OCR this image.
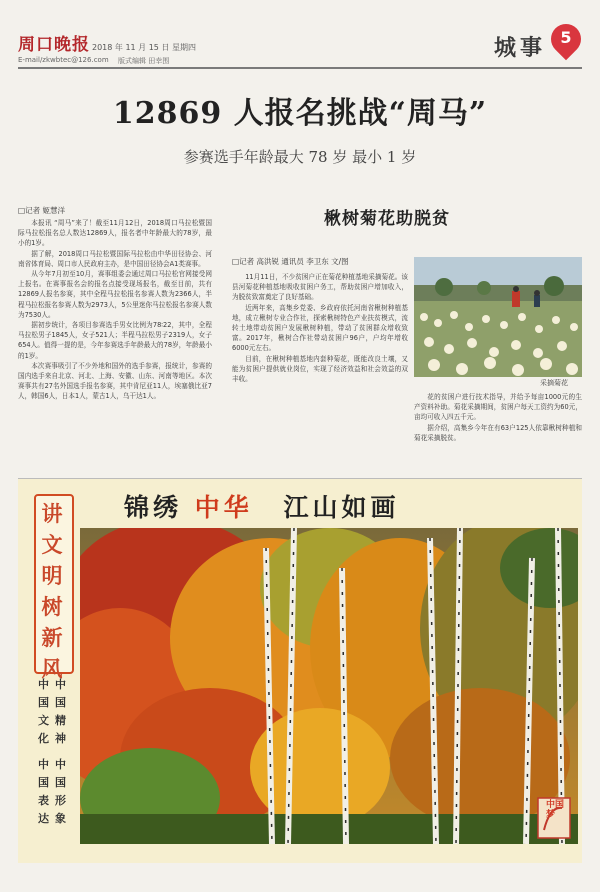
周口晚报 2018 年 11 月 15 日 星期四
E-mail/zkwbtec@126.com 版式编辑 田幸围	城事 5
12869 人报名挑战“周马”
参赛选手年龄最大 78 岁 最小 1 岁
□记者 姬慧洋

本报讯 “周马”来了！截至11月12日，2018周口马拉松暨国际马拉松报名总人数达12869人，报名者中年龄最大的78岁，最小的1岁。

据了解，2018周口马拉松暨国际马拉松由中华田径协会、河南省体育局、周口市人民政府主办，是中国田径协会A1类赛事。

从今年7月初至10月，赛事组委会通过周口马拉松官网接受网上报名。在赛事报名会的报名点接受现场报名，截至目前，共有12869人报名参赛，其中全程马拉松报名参赛人数为2366人，半程马拉松报名参赛人数为2973人，5公里迷你马拉松报名参赛人数为7530人。

据初步统计，各项目参赛选手男女比例为78∶22，其中，全程马拉松男子1845人，女子521人；半程马拉松男子2319人，女子654人。值得一提的是，今年参赛选手年龄最大的78岁，年龄最小的1岁。

本次赛事吸引了不少外地和国外的选手参赛，报统计，参赛的国内选手来自北京、河北、上海、安徽、山东、河南等地区。本次赛事共有27名外国选手报名参赛，其中肯尼亚11人，埃塞俄比亚7人，韩国6人，日本1人，蒙古1人，乌干达1人。

楸树菊花助脱贫
□记者 高洪锐 通讯员 李卫东 文/图

11月11日，不少贫困户正在菊花种植基地采摘菊花。该县河菊花种植基地吸收贫困户务工，帮助贫困户增加收入，为脱贫致富奠定了良好基础。

近两年来，高集乡党委、乡政府依托河南省楸树种植基地，成立楸树专业合作社，探索楸树特色产业扶贫模式，流转土地带动贫困户发展楸树种植，带动了贫困群众增收致富。2017年，楸树合作社带动贫困户96户，户均年增收6000元左右。

目前，在楸树种植基地内套种菊花，既能改良土壤，又能为贫困户提供就业岗位，实现了经济效益和社会效益的双丰收。

花的贫困户进行技术指导，并给予每亩1000元的生产资料补助。菊花采摘期间，贫困户每天工资约为60元，亩均可收入四五千元。

据介绍，高集乡今年在有63户125人依靠楸树种植和菊花采摘脱贫。

采摘菊花
锦绣 中华 江山如画
讲文明树新风
中国文化
中国精神
中国表达
中国形象
中国梦
